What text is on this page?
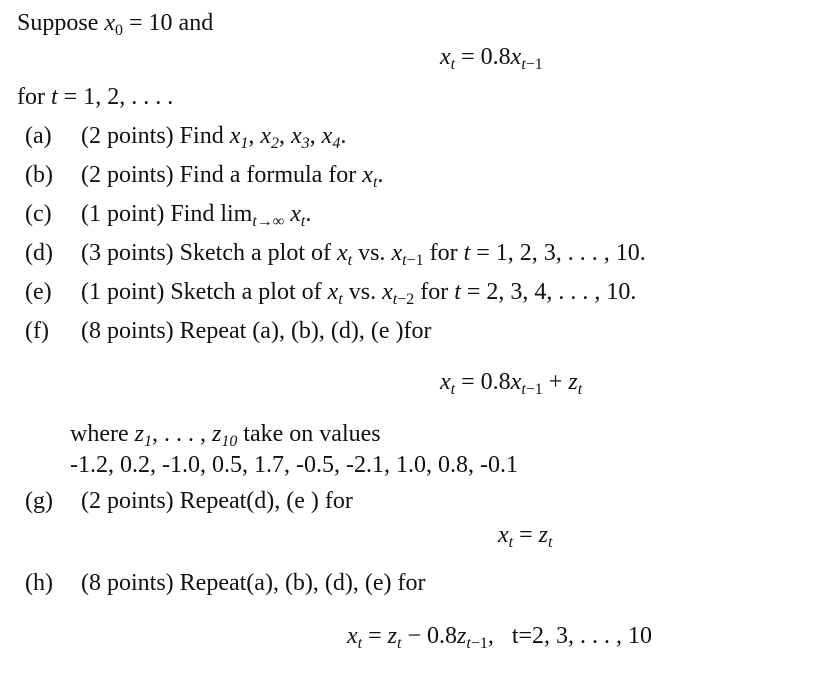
Suppose $x_0 = 10$ and
$x_t = 0.8x_{t-1}$
for t = 1, 2, . . . .
(a) (2 points) Find $x_1$, $x_2$, $x_3$, $x_4$.
(b) (2 points) Find a formula for $x_t$.
(c) (1 point) Find $\lim_{t\to\infty} x_t$.
(d) (3 points) Sketch a plot of $x_t$ vs. $x_{t-1}$ for t = 1, 2, 3, . . . , 10.
(e) (1 point) Sketch a plot of $x_t$ vs. $x_{t-2}$ for t = 2, 3, 4, . . . , 10.
(f) (8 points) Repeat (a), (b), (d), (e )for
$x_t = 0.8x_{t-1} + z_t$
where $z_1$, . . . , $z_{10}$ take on values
-1.2, 0.2, -1.0, 0.5, 1.7, -0.5, -2.1, 1.0, 0.8, -0.1
(g) (2 points) Repeat(d), (e ) for
$x_t = z_t$
(h) (8 points) Repeat(a), (b), (d), (e) for
$x_t = z_t - 0.8z_{t-1}$,   t=2, 3, . . . , 10
